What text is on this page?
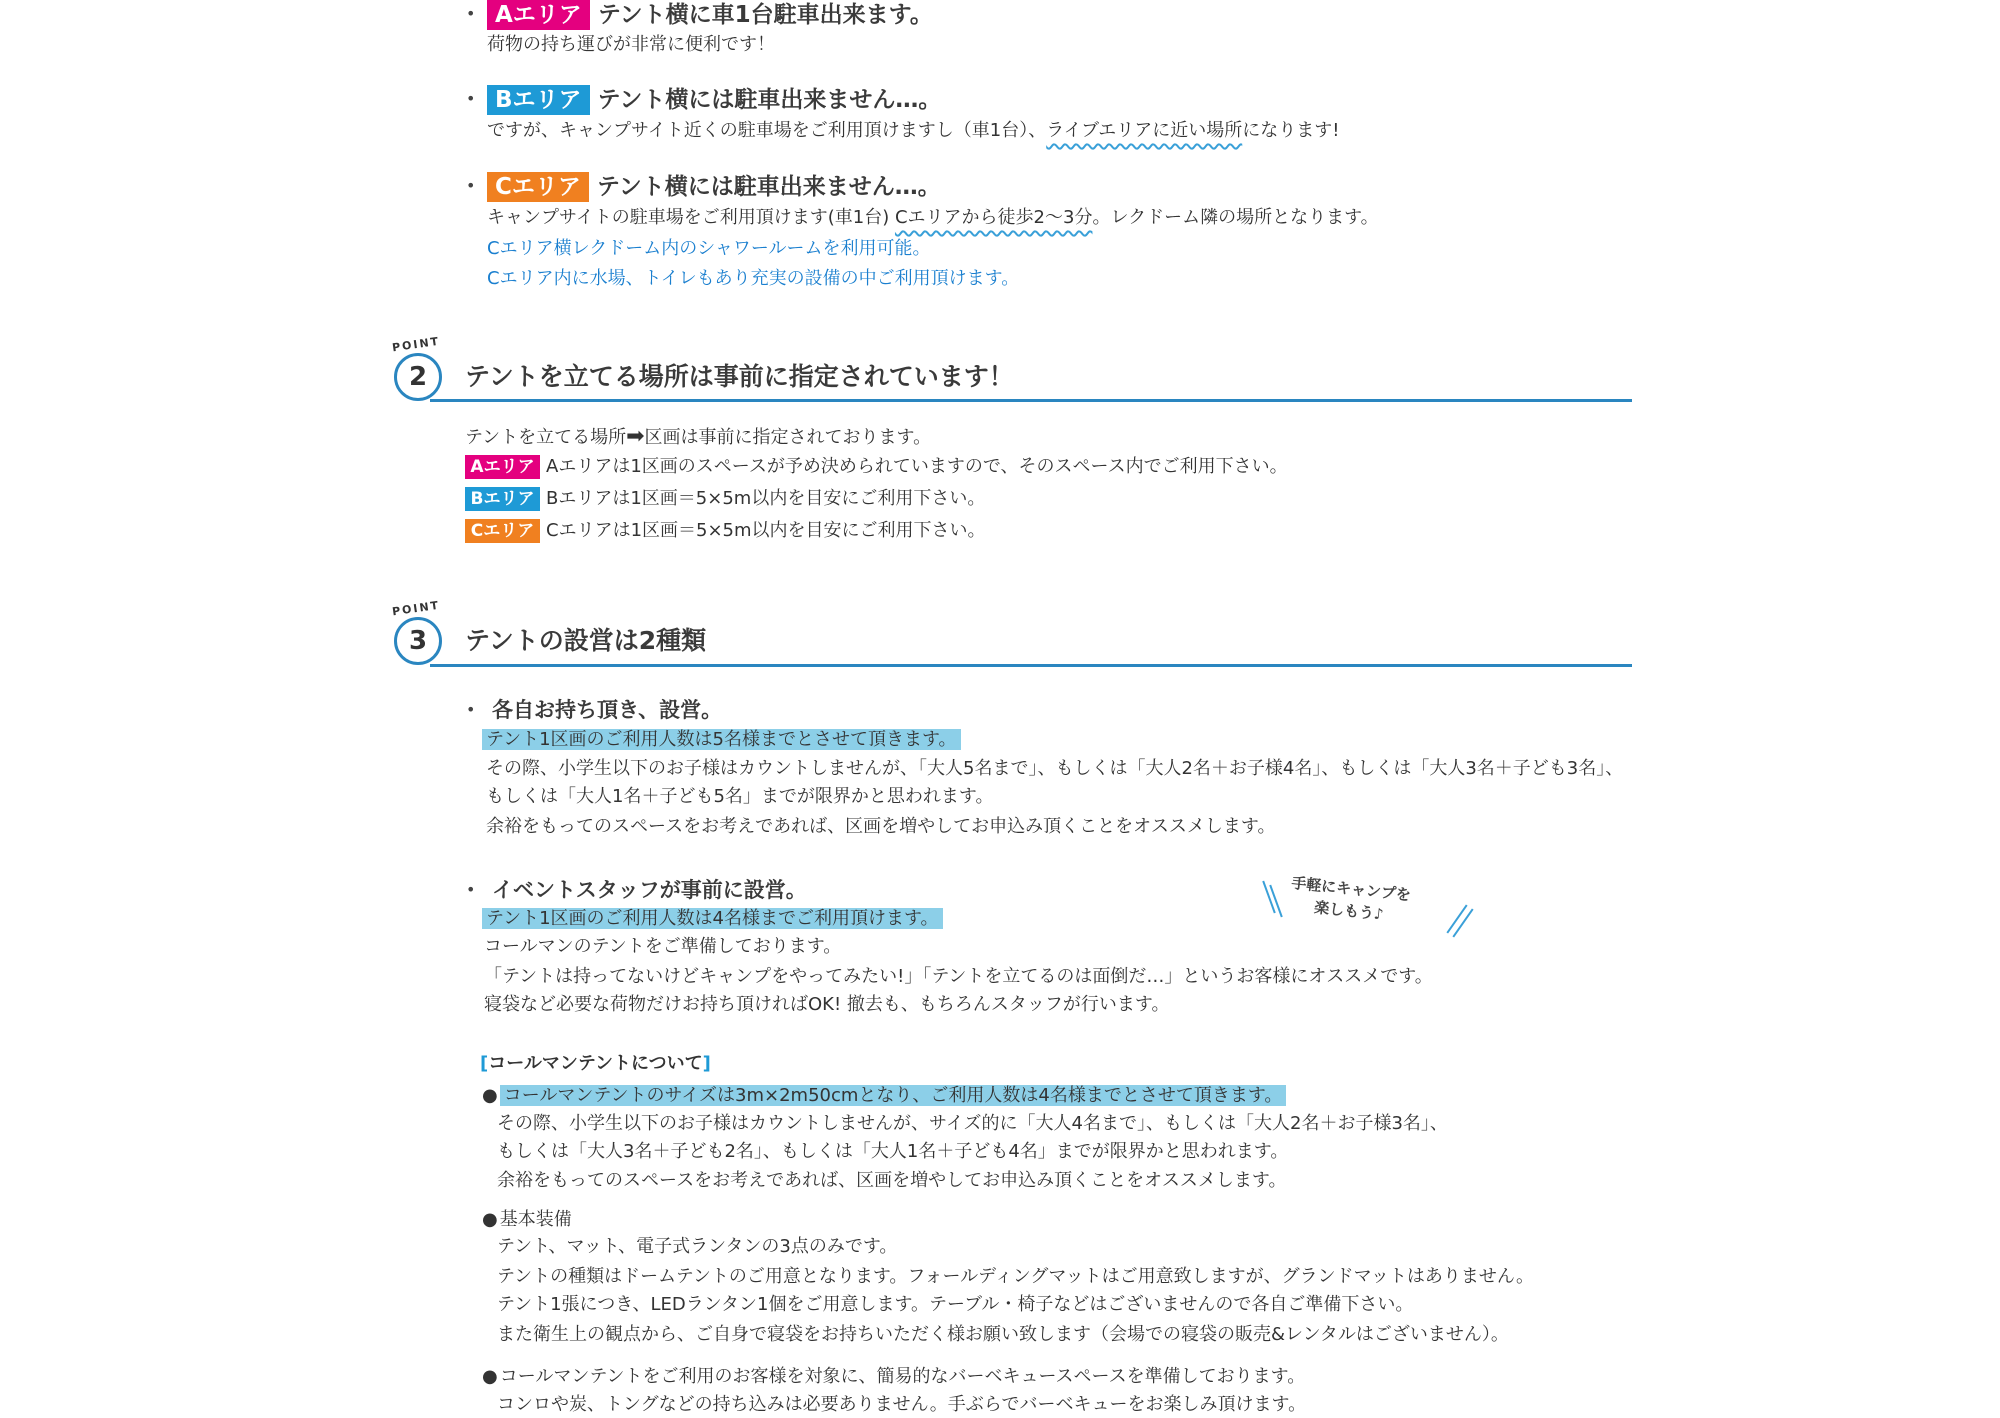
• Aエリア テント横に車1台駐車出来ます。
荷物の持ち運びが非常に便利です！
• Bエリア テント横には駐車出来ません…。
ですが、キャンプサイト近くの駐車場をご利用頂けますし（車1台）、ライブエリアに近い場所になります!
• Cエリア テント横には駐車出来ません…。
キャンプサイトの駐車場をご利用頂けます(車1台) Cエリアから徒歩2〜3分。レクドーム隣の場所となります。
Cエリア横レクドーム内のシャワールームを利用可能。
Cエリア内に水場、トイレもあり充実の設備の中ご利用頂けます。
POINT
2	テントを立てる場所は事前に指定されています！
テントを立てる場所➡区画は事前に指定されております。
Aエリア Aエリアは1区画のスペースが予め決められていますので、そのスペース内でご利用下さい。
Bエリア Bエリアは1区画＝5×5m以内を目安にご利用下さい。
Cエリア Cエリアは1区画＝5×5m以内を目安にご利用下さい。
POINT
3	テントの設営は2種類
• 各自お持ち頂き、設営。
テント1区画のご利用人数は5名様までとさせて頂きます。
その際、小学生以下のお子様はカウントしませんが、「大人5名まで」、もしくは「大人2名＋お子様4名」、もしくは「大人3名＋子ども3名」、
もしくは「大人1名＋子ども5名」までが限界かと思われます。
余裕をもってのスペースをお考えであれば、区画を増やしてお申込み頂くことをオススメします。
• イベントスタッフが事前に設営。
テント1区画のご利用人数は4名様までご利用頂けます。
コールマンのテントをご準備しております。
「テントは持ってないけどキャンプをやってみたい!」「テントを立てるのは面倒だ…」というお客様にオススメです。
寝袋など必要な荷物だけお持ち頂ければOK! 撤去も、もちろんスタッフが行います。
手軽にキャンプを
楽しもう♪
[コールマンテントについて]
● コールマンテントのサイズは3m×2m50cmとなり、ご利用人数は4名様までとさせて頂きます。
その際、小学生以下のお子様はカウントしませんが、サイズ的に「大人4名まで」、もしくは「大人2名＋お子様3名」、
もしくは「大人3名＋子ども2名」、もしくは「大人1名＋子ども4名」までが限界かと思われます。
余裕をもってのスペースをお考えであれば、区画を増やしてお申込み頂くことをオススメします。
● 基本装備
テント、マット、電子式ランタンの3点のみです。
テントの種類はドームテントのご用意となります。フォールディングマットはご用意致しますが、グランドマットはありません。
テント1張につき、LEDランタン1個をご用意します。テーブル・椅子などはございませんので各自ご準備下さい。
また衛生上の観点から、ご自身で寝袋をお持ちいただく様お願い致します（会場での寝袋の販売&レンタルはございません）。
● コールマンテントをご利用のお客様を対象に、簡易的なバーベキュースペースを準備しております。
コンロや炭、トングなどの持ち込みは必要ありません。手ぶらでバーベキューをお楽しみ頂けます。
